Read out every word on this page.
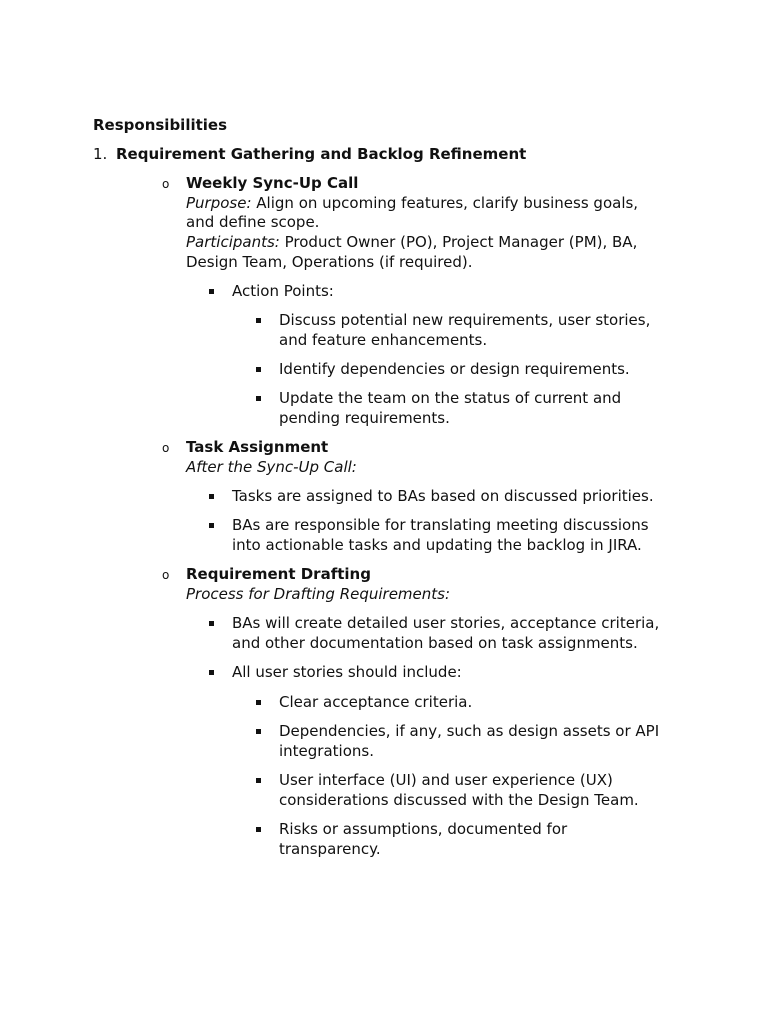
Responsibilities
1. Requirement Gathering and Backlog Refinement
o Weekly Sync-Up Call
Purpose: Align on upcoming features, clarify business goals,
and define scope.
Participants: Product Owner (PO), Project Manager (PM), BA,
Design Team, Operations (if required).
Action Points:
Discuss potential new requirements, user stories,
and feature enhancements.
Identify dependencies or design requirements.
Update the team on the status of current and
pending requirements.
o Task Assignment
After the Sync-Up Call:
Tasks are assigned to BAs based on discussed priorities.
BAs are responsible for translating meeting discussions
into actionable tasks and updating the backlog in JIRA.
o Requirement Drafting
Process for Drafting Requirements:
BAs will create detailed user stories, acceptance criteria,
and other documentation based on task assignments.
All user stories should include:
Clear acceptance criteria.
Dependencies, if any, such as design assets or API
integrations.
User interface (UI) and user experience (UX)
considerations discussed with the Design Team.
Risks or assumptions, documented for
transparency.
